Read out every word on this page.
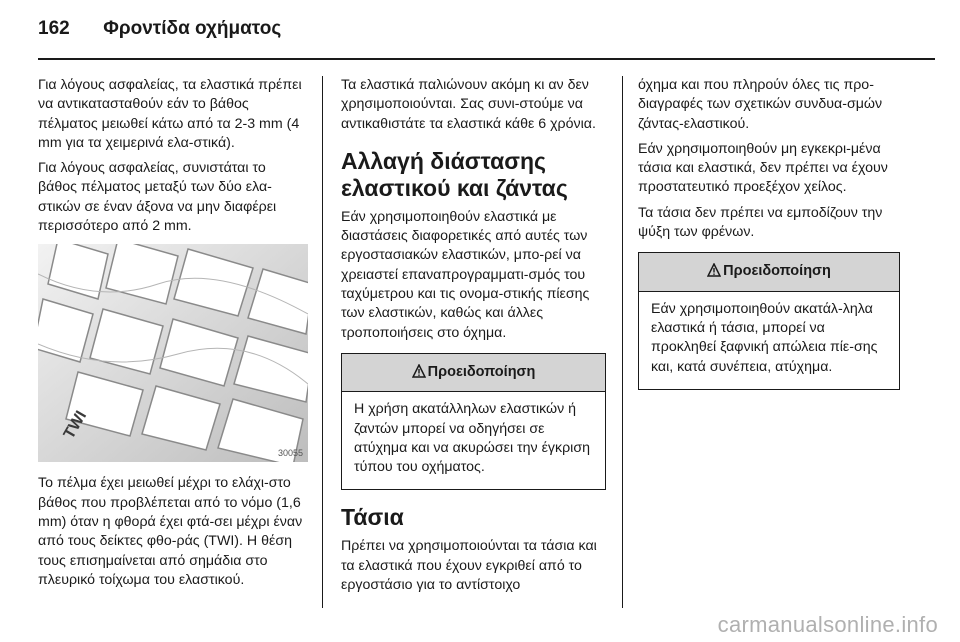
162 Φροντίδα οχήματος

Για λόγους ασφαλείας, τα ελαστικά πρέπει να αντικατασταθούν εάν το βάθος πέλματος μειωθεί κάτω από τα 2-3 mm (4 mm για τα χειμερινά ελα-στικά).

Για λόγους ασφαλείας, συνιστάται το βάθος πέλματος μεταξύ των δύο ελα-στικών σε έναν άξονα να μην διαφέρει περισσότερο από 2 mm.

TWI
30055

Το πέλμα έχει μειωθεί μέχρι το ελάχι-στο βάθος που προβλέπεται από το νόμο (1,6 mm) όταν η φθορά έχει φτά-σει μέχρι έναν από τους δείκτες φθο-ράς (TWI). Η θέση τους επισημαίνεται από σημάδια στο πλευρικό τοίχωμα του ελαστικού.

Τα ελαστικά παλιώνουν ακόμη κι αν δεν χρησιμοποιούνται. Σας συνι-στούμε να αντικαθιστάτε τα ελαστικά κάθε 6 χρόνια.

Αλλαγή διάστασης ελαστικού και ζάντας

Εάν χρησιμοποιηθούν ελαστικά με διαστάσεις διαφορετικές από αυτές των εργοστασιακών ελαστικών, μπο-ρεί να χρειαστεί επαναπρογραμματι-σμός του ταχύμετρου και τις ονομα-στικής πίεσης των ελαστικών, καθώς και άλλες τροποποιήσεις στο όχημα.

Προειδοποίηση
Η χρήση ακατάλληλων ελαστικών ή ζαντών μπορεί να οδηγήσει σε ατύχημα και να ακυρώσει την έγκριση τύπου του οχήματος.
Τάσια

Πρέπει να χρησιμοποιούνται τα τάσια και τα ελαστικά που έχουν εγκριθεί από το εργοστάσιο για το αντίστοιχο

όχημα και που πληρούν όλες τις προ-διαγραφές των σχετικών συνδυα-σμών ζάντας-ελαστικού.

Εάν χρησιμοποιηθούν μη εγκεκρι-μένα τάσια και ελαστικά, δεν πρέπει να έχουν προστατευτικό προεξέχον χείλος.

Τα τάσια δεν πρέπει να εμποδίζουν την ψύξη των φρένων.

Προειδοποίηση
Εάν χρησιμοποιηθούν ακατάλ-ληλα ελαστικά ή τάσια, μπορεί να προκληθεί ξαφνική απώλεια πίε-σης και, κατά συνέπεια, ατύχημα.
carmanualsonline.info
